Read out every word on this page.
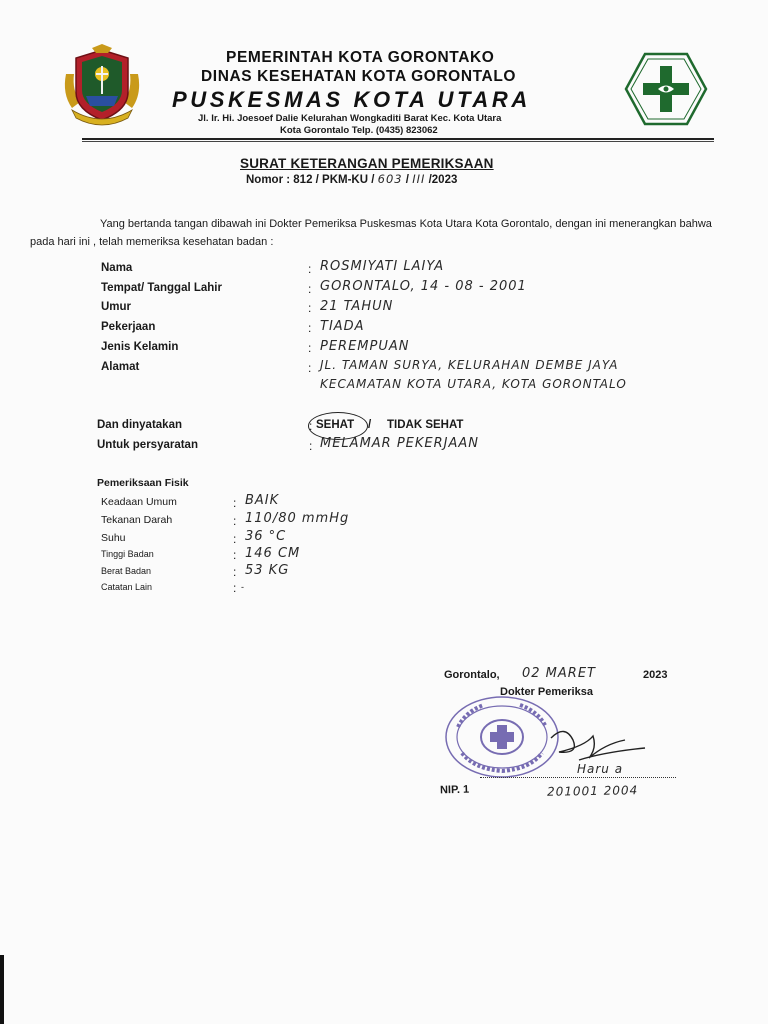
PEMERINTAH KOTA GORONTAKO
DINAS KESEHATAN KOTA GORONTALO
PUSKESMAS KOTA UTARA
Jl. Ir. Hi. Joesoef Dalie Kelurahan Wongkaditi Barat Kec. Kota Utara
Kota Gorontalo Telp. (0435) 823062
SURAT KETERANGAN PEMERIKSAAN
Nomor : 812 / PKM-KU / 603 / III /2023
Yang bertanda tangan dibawah ini Dokter Pemeriksa Puskesmas Kota Utara Kota Gorontalo, dengan ini menerangkan bahwa pada hari ini , telah memeriksa kesehatan badan :
Nama	: ROSMIYATI LAIYA
Tempat/ Tanggal Lahir	: GORONTALO, 14 - 08 - 2001
Umur	: 21 TAHUN
Pekerjaan	: TIADA
Jenis Kelamin	: PEREMPUAN
Alamat	: JL. TAMAN SURYA, KELURAHAN DEMBE JAYA
KECAMATAN KOTA UTARA, KOTA GORONTALO
Dan dinyatakan	: SEHAT / TIDAK SEHAT
Untuk persyaratan	: MELAMAR PEKERJAAN
Pemeriksaan Fisik
Keadaan Umum	: BAIK
Tekanan Darah	: 110/80 mmHg
Suhu	: 36 °C
Tinggi Badan	: 146 CM
Berat Badan	: 53 KG
Catatan Lain	: -
Gorontalo, 02 MARET	2023
Dokter Pemeriksa
Haru a
NIP. 1	201001 2004
